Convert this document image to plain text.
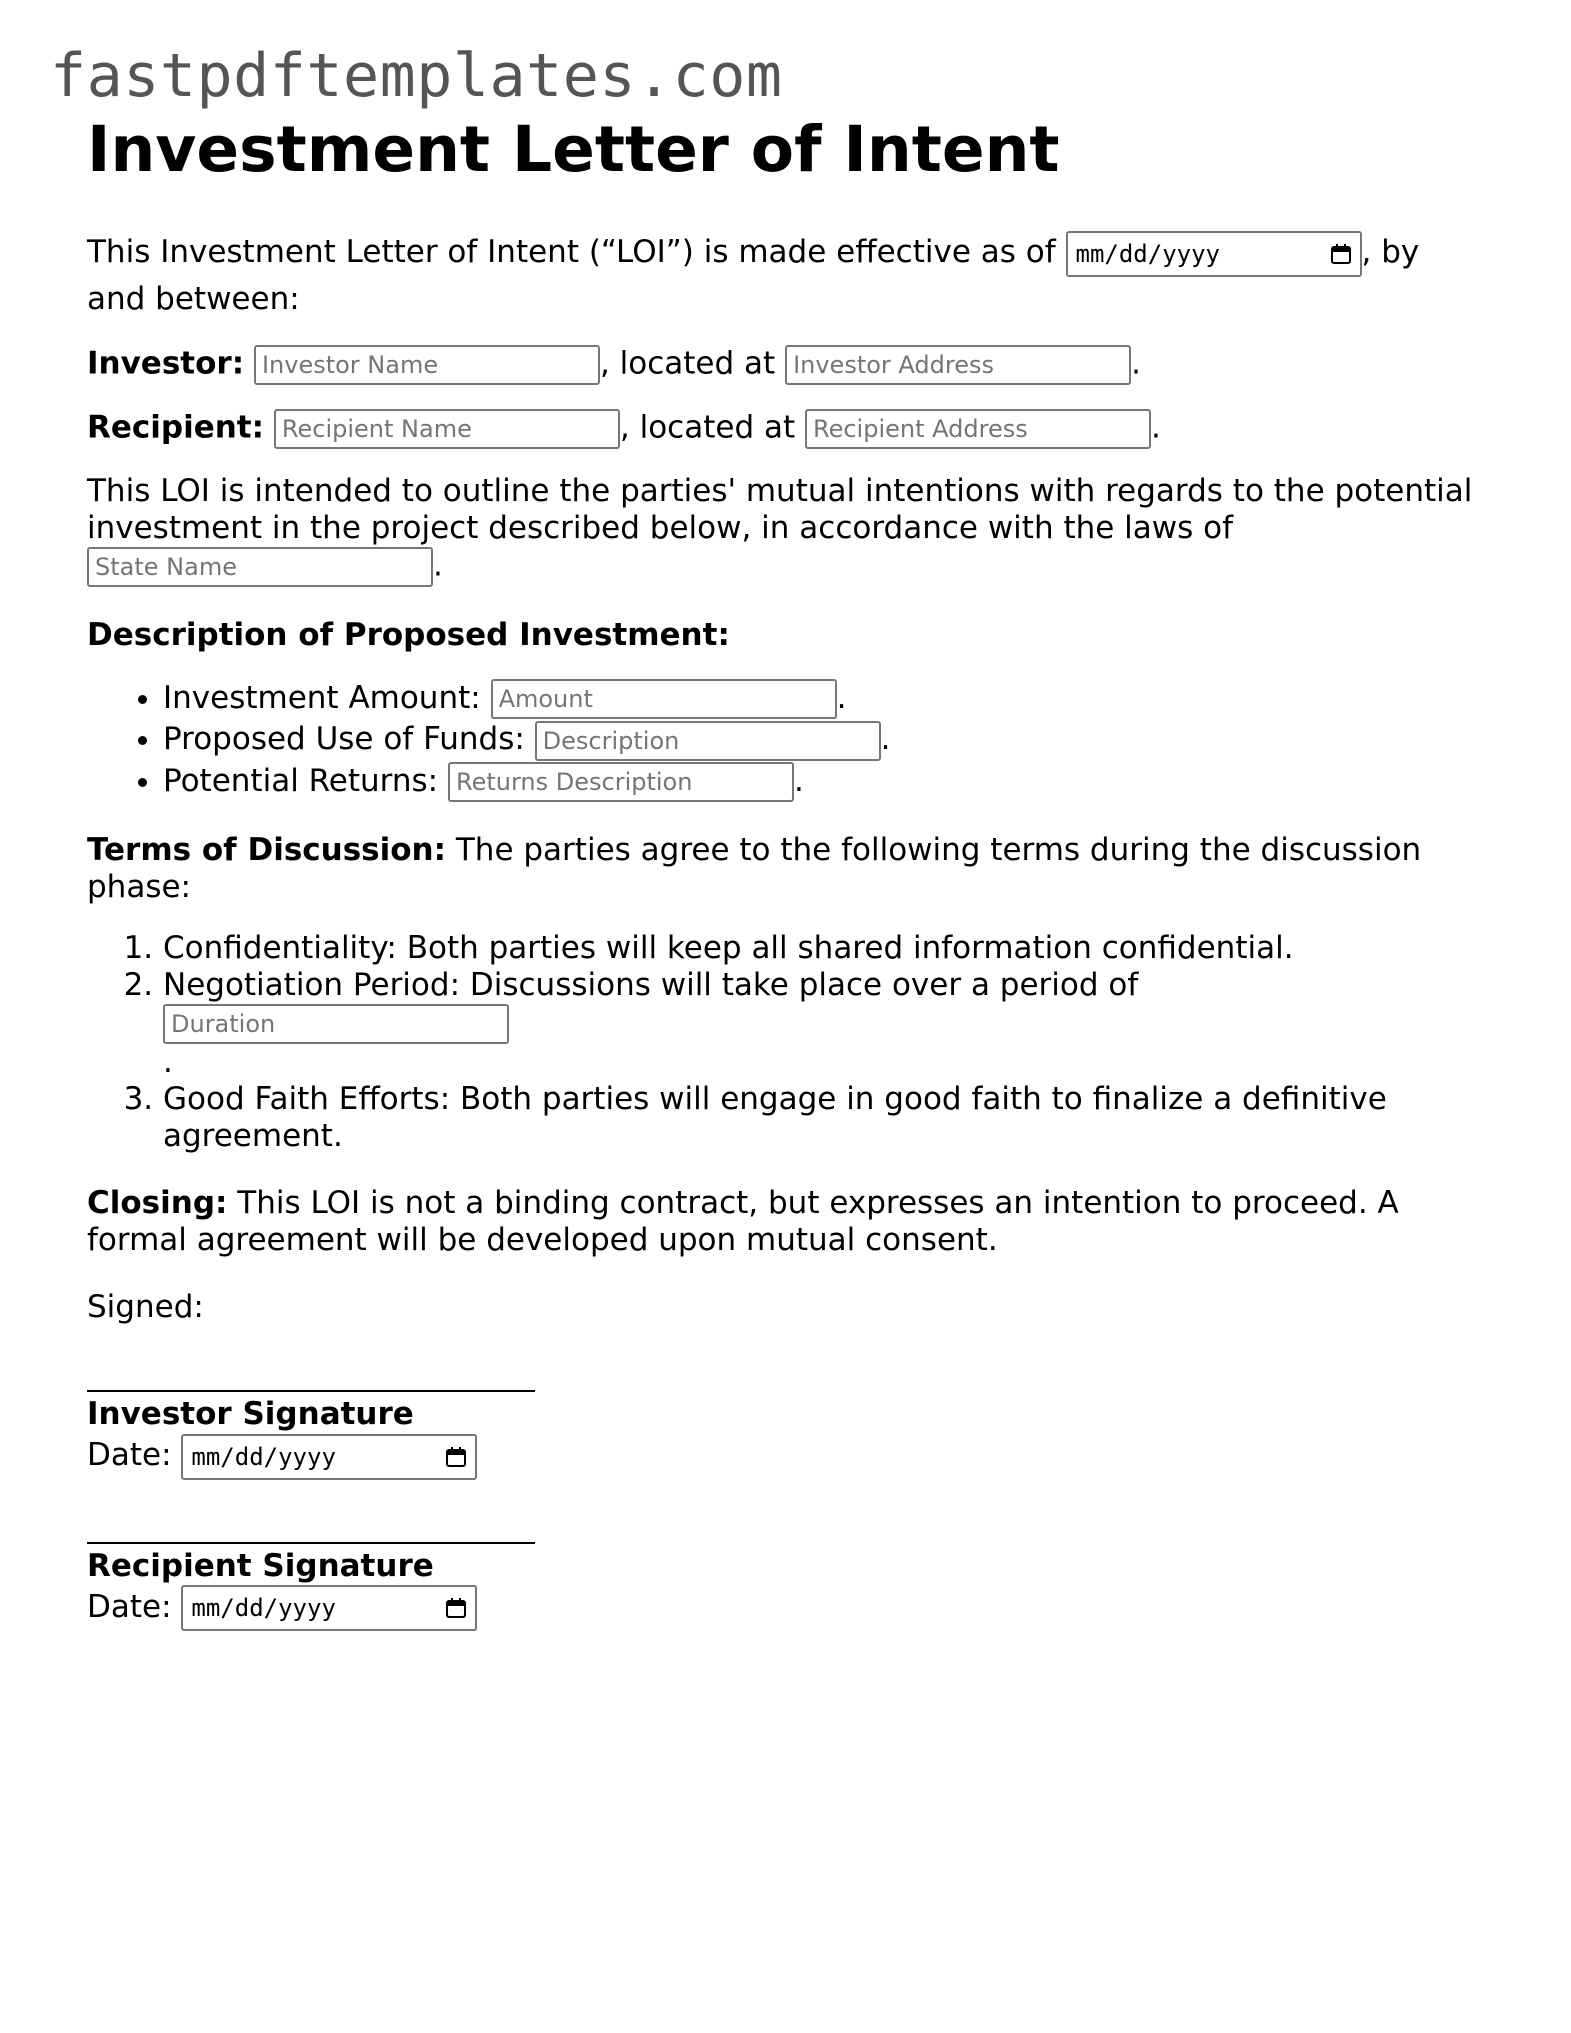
fastpdftemplates.com
Investment Letter of Intent

This Investment Letter of Intent (“LOI”) is made effective as of mm/dd/yyyy	, by and between:

Investor: Investor Name	, located at Investor Address	.

Recipient: Recipient Name	, located at Recipient Address	.

This LOI is intended to outline the parties' mutual intentions with regards to the potential investment in the project described below, in accordance with the laws of State Name.

Description of Proposed Investment:

• Investment Amount: Amount	.
• Proposed Use of Funds: Description	.
• Potential Returns: Returns Description	.

Terms of Discussion: The parties agree to the following terms during the discussion phase:

1. Confidentiality: Both parties will keep all shared information confidential.
2. Negotiation Period: Discussions will take place over a period of Duration
.
3. Good Faith Efforts: Both parties will engage in good faith to finalize a definitive agreement.

Closing: This LOI is not a binding contract, but expresses an intention to proceed. A formal agreement will be developed upon mutual consent.

Signed:

Investor Signature
Date: mm/dd/yyyy
Recipient Signature
Date: mm/dd/yyyy
